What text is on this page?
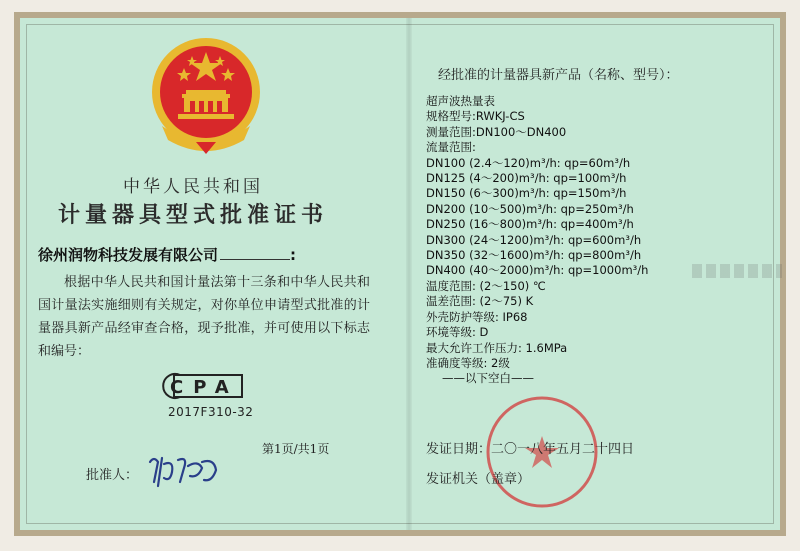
中华人民共和国
计量器具型式批准证书
徐州润物科技发展有限公司	:
根据中华人民共和国计量法第十三条和中华人民共和国计量法实施细则有关规定，对你单位申请型式批准的计量器具新产品经审查合格，现予批准，并可使用以下标志和编号：
CPA
2017F310-32
第1页/共1页
批准人：
经批准的计量器具新产品（名称、型号）：
超声波热量表
规格型号:RWKJ-CS
测量范围:DN100～DN400
流量范围:
DN100 (2.4～120)m³/h: qp=60m³/h
DN125 (4～200)m³/h: qp=100m³/h
DN150 (6～300)m³/h: qp=150m³/h
DN200 (10～500)m³/h: qp=250m³/h
DN250 (16～800)m³/h: qp=400m³/h
DN300 (24～1200)m³/h: qp=600m³/h
DN350 (32～1600)m³/h: qp=800m³/h
DN400 (40～2000)m³/h: qp=1000m³/h
温度范围: (2～150) ℃
温差范围: (2～75) K
外壳防护等级: IP68
环境等级: D
最大允许工作压力: 1.6MPa
准确度等级: 2级
——以下空白——
发证日期：二〇一八年五月二十四日
发证机关（盖章）
